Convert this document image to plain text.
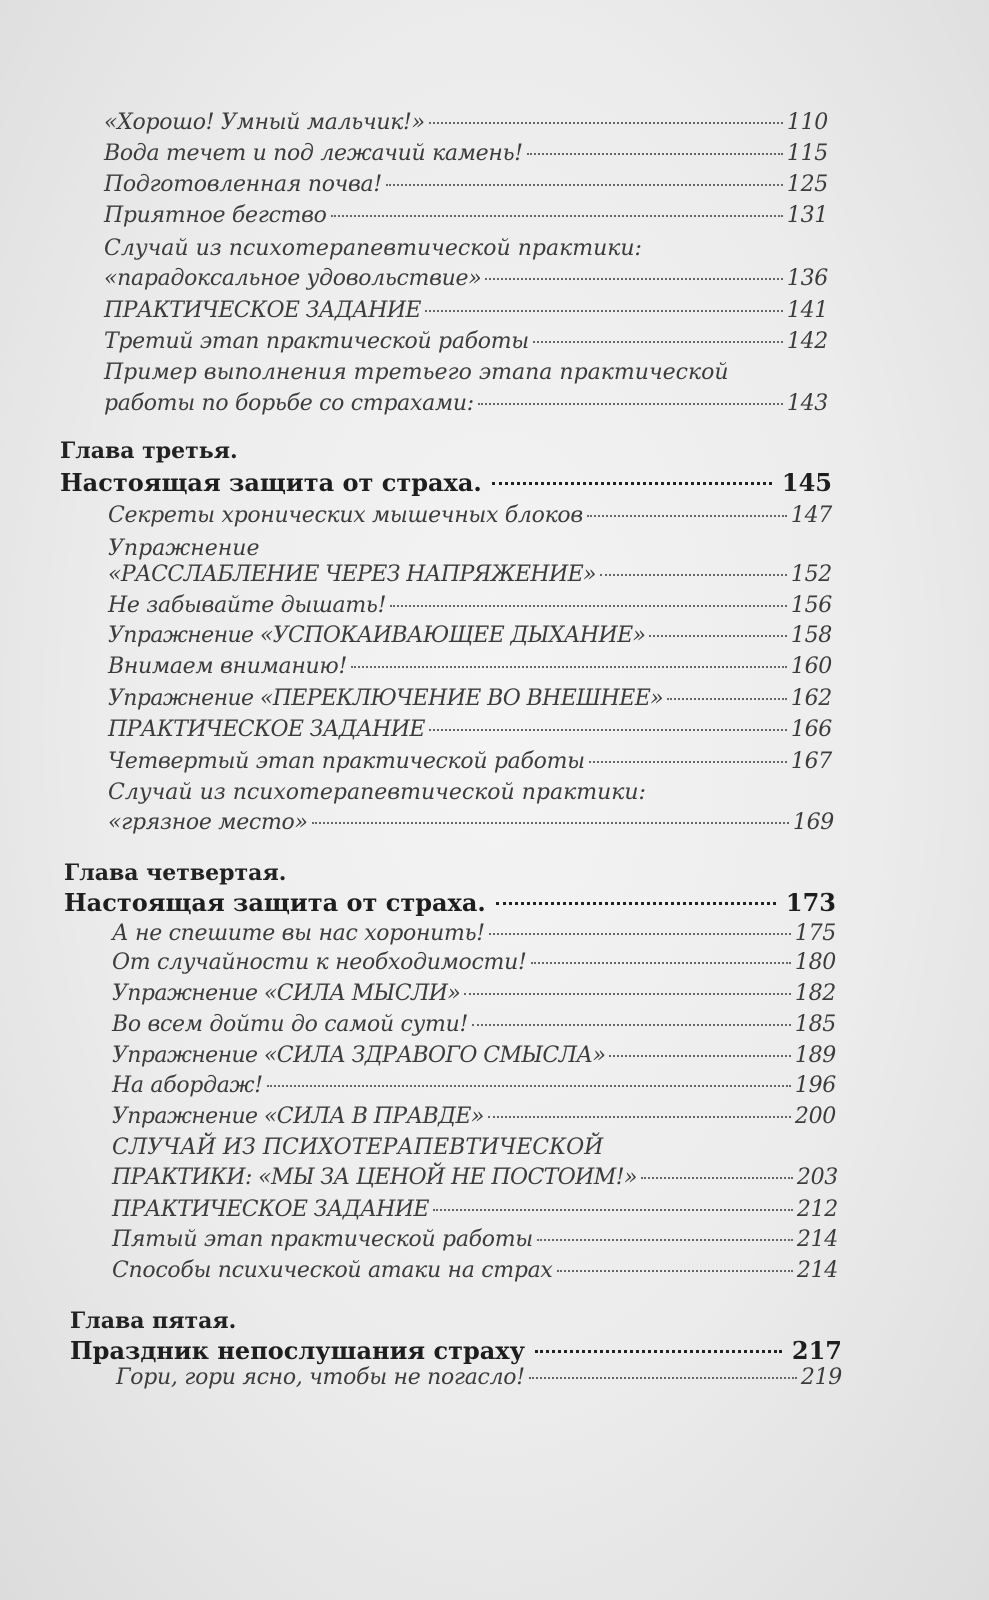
«Хорошо! Умный мальчик!»	110
Вода течет и под лежачий камень!	115
Подготовленная почва!	125
Приятное бегство	131
Случай из психотерапевтической практики:
«парадоксальное удовольствие»	136
ПРАКТИЧЕСКОЕ ЗАДАНИЕ	141
Третий этап практической работы	142
Пример выполнения третьего этапа практической
работы по борьбе со страхами:	143
Глава третья.
Настоящая защита от страха.	145
Секреты хронических мышечных блоков	147
Упражнение
«РАССЛАБЛЕНИЕ ЧЕРЕЗ НАПРЯЖЕНИЕ»	152
Не забывайте дышать!	156
Упражнение «УСПОКАИВАЮЩЕЕ ДЫХАНИЕ»	158
Внимаем вниманию!	160
Упражнение «ПЕРЕКЛЮЧЕНИЕ ВО ВНЕШНЕЕ»	162
ПРАКТИЧЕСКОЕ ЗАДАНИЕ	166
Четвертый этап практической работы	167
Случай из психотерапевтической практики:
«грязное место»	169
Глава четвертая.
Настоящая защита от страха.	173
А не спешите вы нас хоронить!	175
От случайности к необходимости!	180
Упражнение «СИЛА МЫСЛИ»	182
Во всем дойти до самой сути!	185
Упражнение «СИЛА ЗДРАВОГО СМЫСЛА»	189
На абордаж!	196
Упражнение «СИЛА В ПРАВДЕ»	200
СЛУЧАЙ ИЗ ПСИХОТЕРАПЕВТИЧЕСКОЙ
ПРАКТИКИ: «МЫ ЗА ЦЕНОЙ НЕ ПОСТОИМ!»	203
ПРАКТИЧЕСКОЕ ЗАДАНИЕ	212
Пятый этап практической работы	214
Способы психической атаки на страх	214
Глава пятая.
Праздник непослушания страху	217
Гори, гори ясно, чтобы не погасло!	219
